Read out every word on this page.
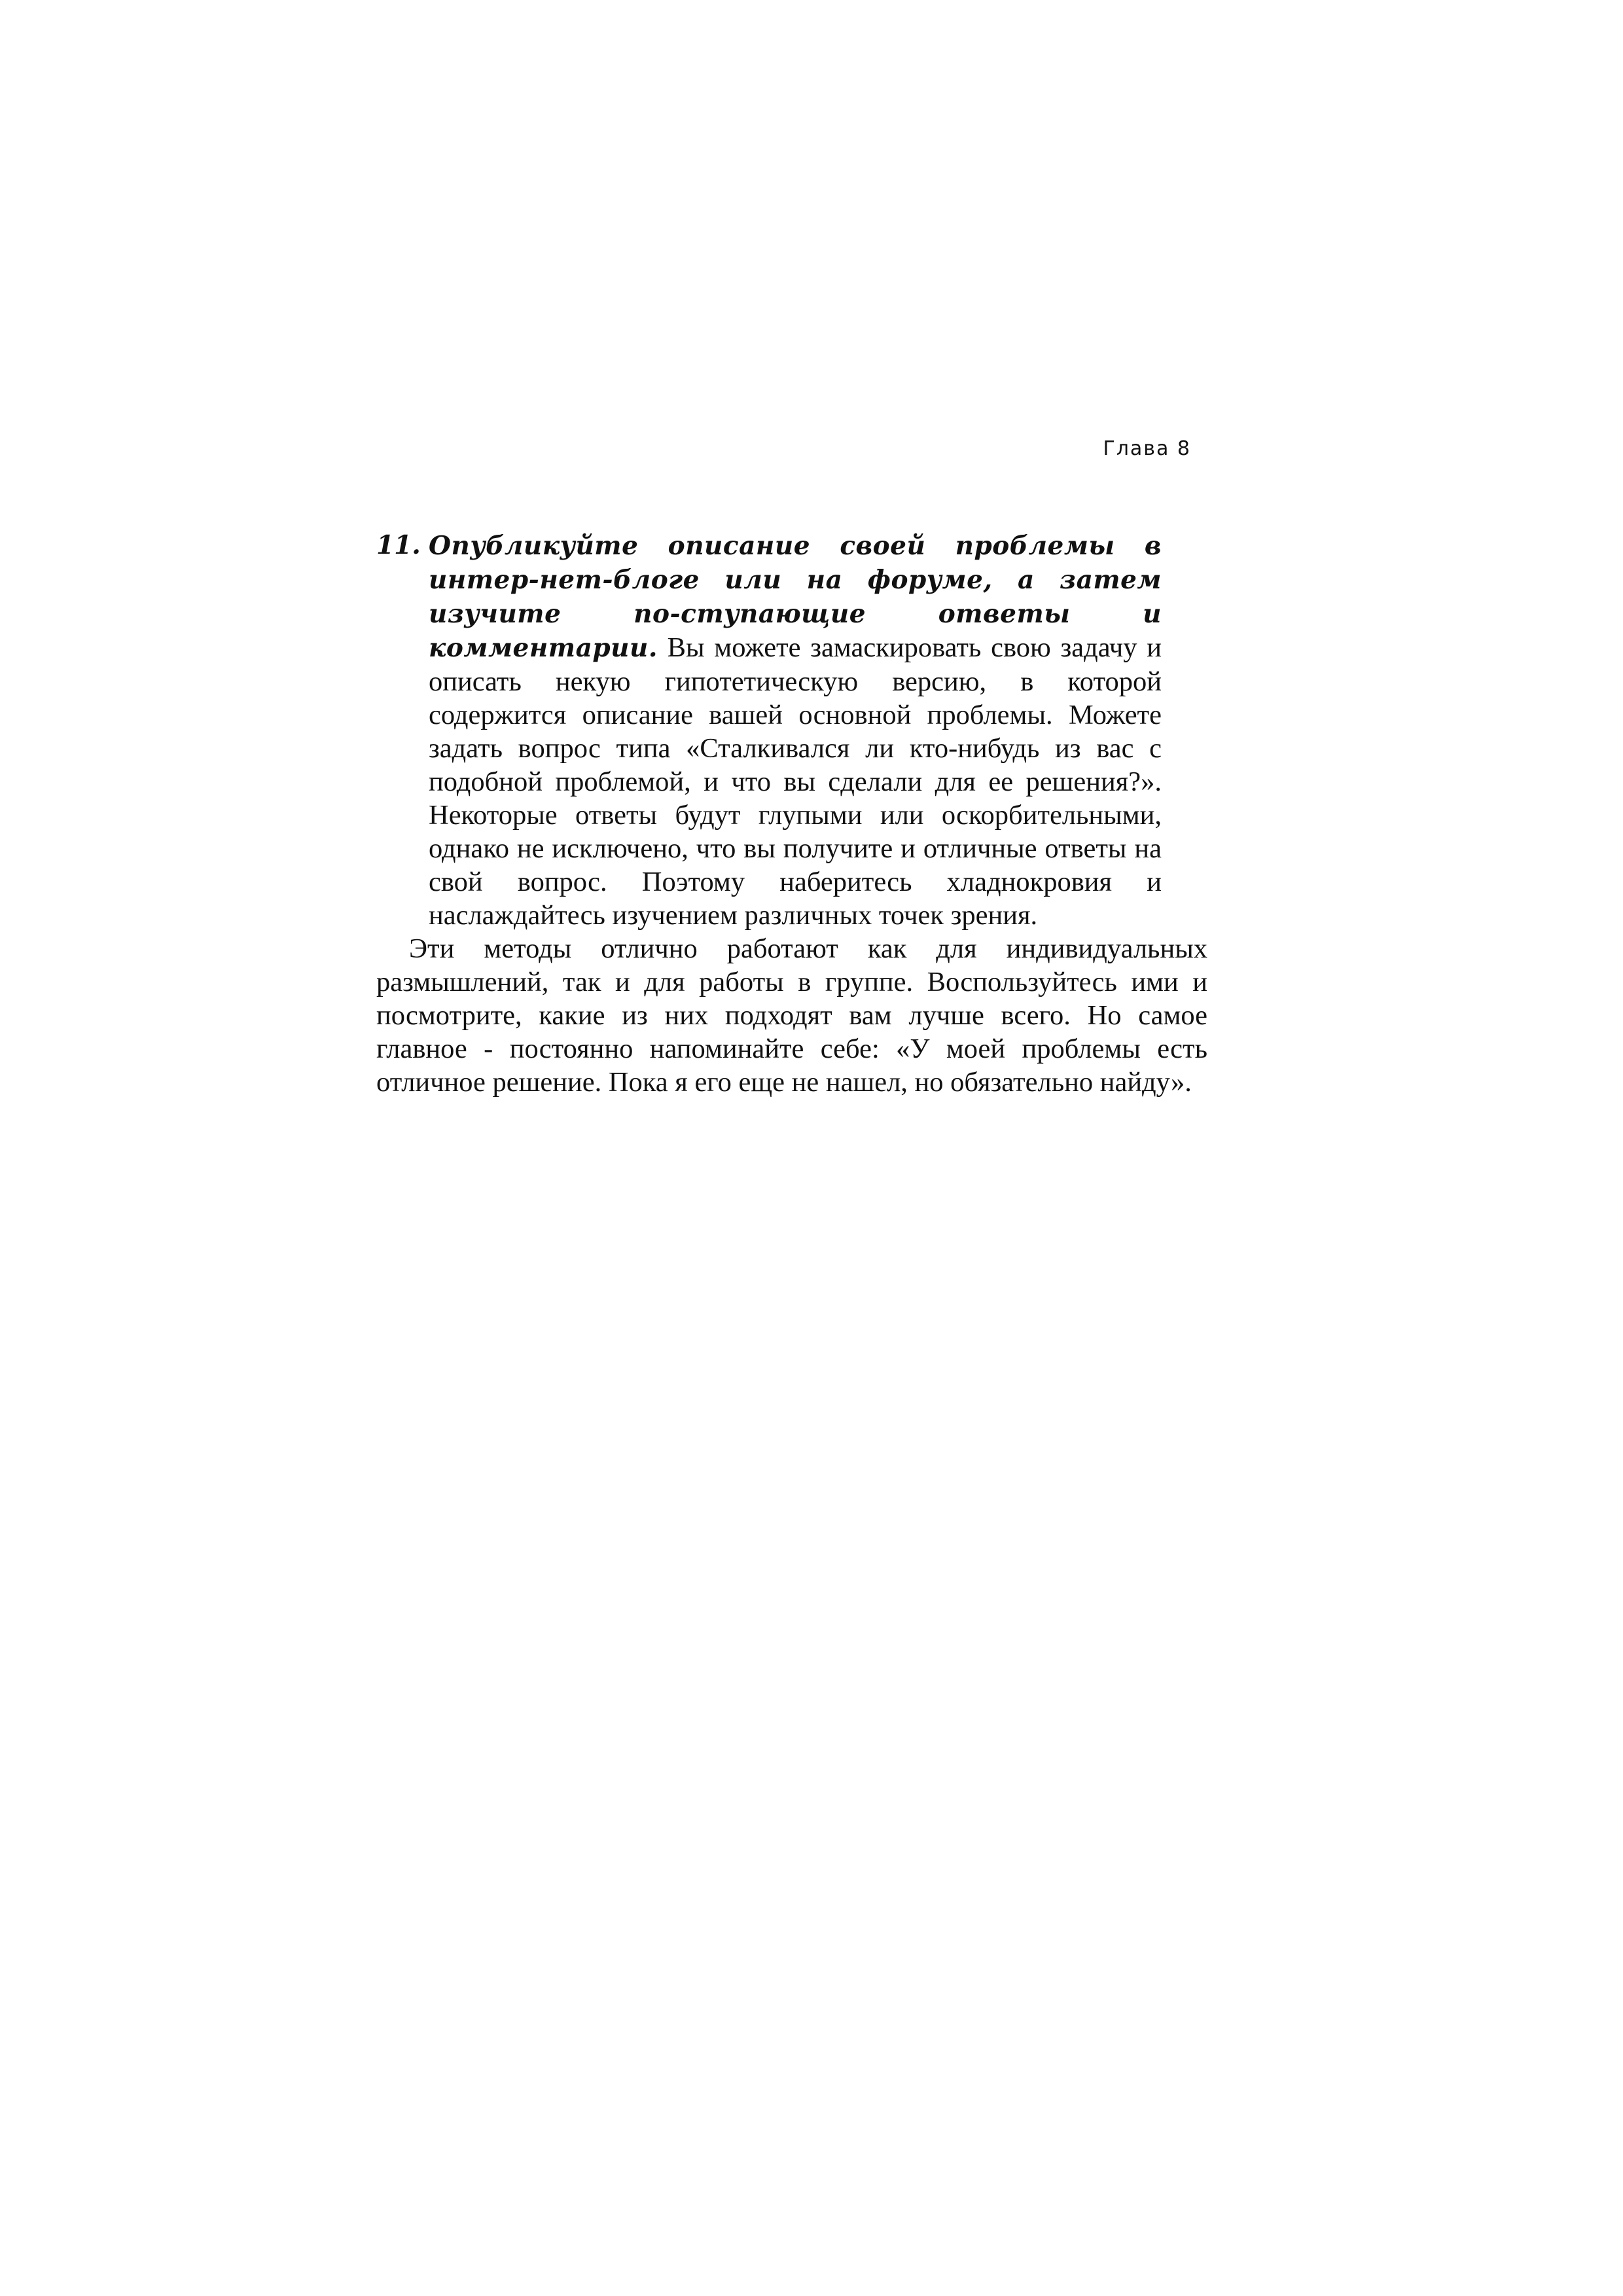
Глава 8
11. Опубликуйте описание своей проблемы в интер-нет-блоге или на форуме, а затем изучите по-ступающие ответы и комментарии. Вы можете замаскировать свою задачу и описать некую гипотетическую версию, в которой содержится описание вашей основной проблемы. Можете задать вопрос типа «Сталкивался ли кто-нибудь из вас с подобной проблемой, и что вы сделали для ее решения?». Некоторые ответы будут глупыми или оскорбительными, однако не исключено, что вы получите и отличные ответы на свой вопрос. Поэтому наберитесь хладнокровия и наслаждайтесь изучением различных точек зрения.

Эти методы отлично работают как для индивидуальных размышлений, так и для работы в группе. Воспользуйтесь ими и посмотрите, какие из них подходят вам лучше всего. Но самое главное - постоянно напоминайте себе: «У моей проблемы есть отличное решение. Пока я его еще не нашел, но обязательно найду».
